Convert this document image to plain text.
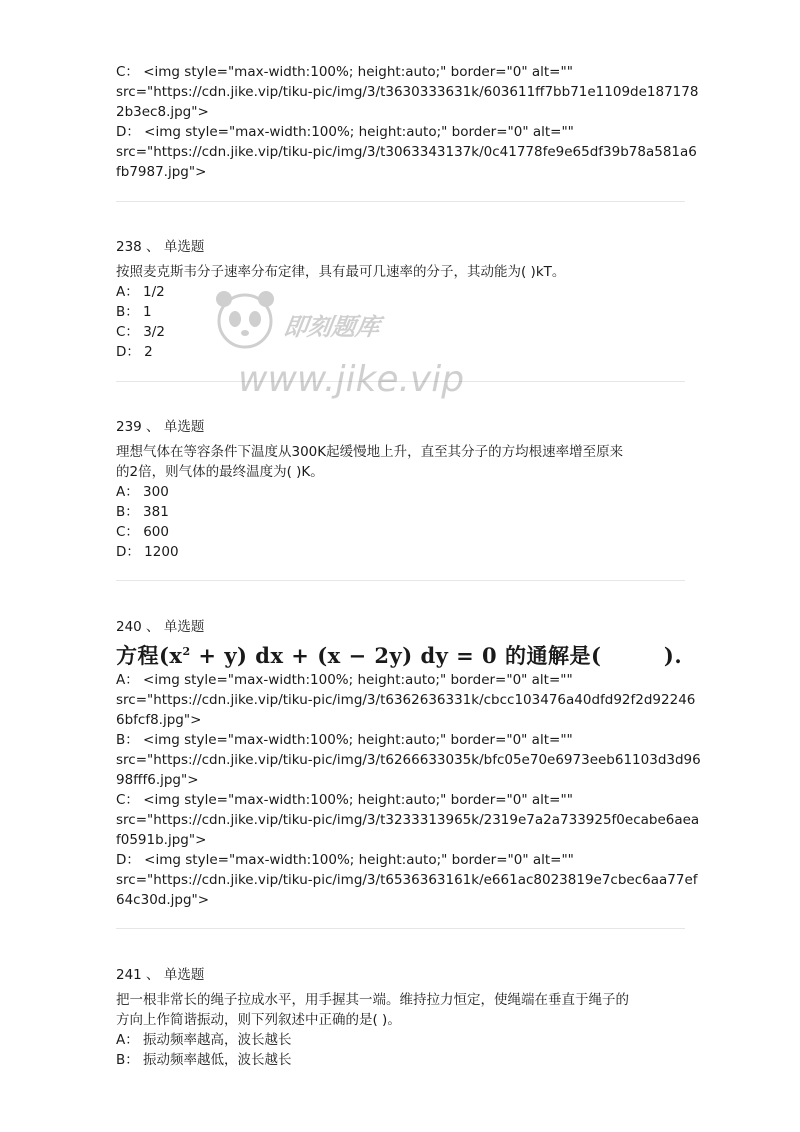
C： <img style="max-width:100%; height:auto;" border="0" alt=""
src="https://cdn.jike.vip/tiku-pic/img/3/t3630333631k/603611ff7bb71e1109de187178
2b3ec8.jpg">
D： <img style="max-width:100%; height:auto;" border="0" alt=""
src="https://cdn.jike.vip/tiku-pic/img/3/t3063343137k/0c41778fe9e65df39b78a581a6
fb7987.jpg">
238 、 单选题
按照麦克斯韦分子速率分布定律，具有最可几速率的分子，其动能为( )kT。
A： 1/2
B： 1
C： 3/2
D： 2
239 、 单选题
理想气体在等容条件下温度从300K起缓慢地上升，直至其分子的方均根速率增至原来
的2倍，则气体的最终温度为( )K。
A： 300
B： 381
C： 600
D： 1200
240 、 单选题
方程$(x^2 + y)$ dx + (x − 2y) dy = 0 的通解是(        ).
A： <img style="max-width:100%; height:auto;" border="0" alt=""
src="https://cdn.jike.vip/tiku-pic/img/3/t6362636331k/cbcc103476a40dfd92f2d92246
6bfcf8.jpg">
B： <img style="max-width:100%; height:auto;" border="0" alt=""
src="https://cdn.jike.vip/tiku-pic/img/3/t6266633035k/bfc05e70e6973eeb61103d3d96
98fff6.jpg">
C： <img style="max-width:100%; height:auto;" border="0" alt=""
src="https://cdn.jike.vip/tiku-pic/img/3/t3233313965k/2319e7a2a733925f0ecabe6aea
f0591b.jpg">
D： <img style="max-width:100%; height:auto;" border="0" alt=""
src="https://cdn.jike.vip/tiku-pic/img/3/t6536363161k/e661ac8023819e7cbec6aa77ef
64c30d.jpg">
241 、 单选题
把一根非常长的绳子拉成水平，用手握其一端。维持拉力恒定，使绳端在垂直于绳子的
方向上作简谐振动，则下列叙述中正确的是( )。
A： 振动频率越高，波长越长
B： 振动频率越低，波长越长
即刻题库
www.jike.vip
